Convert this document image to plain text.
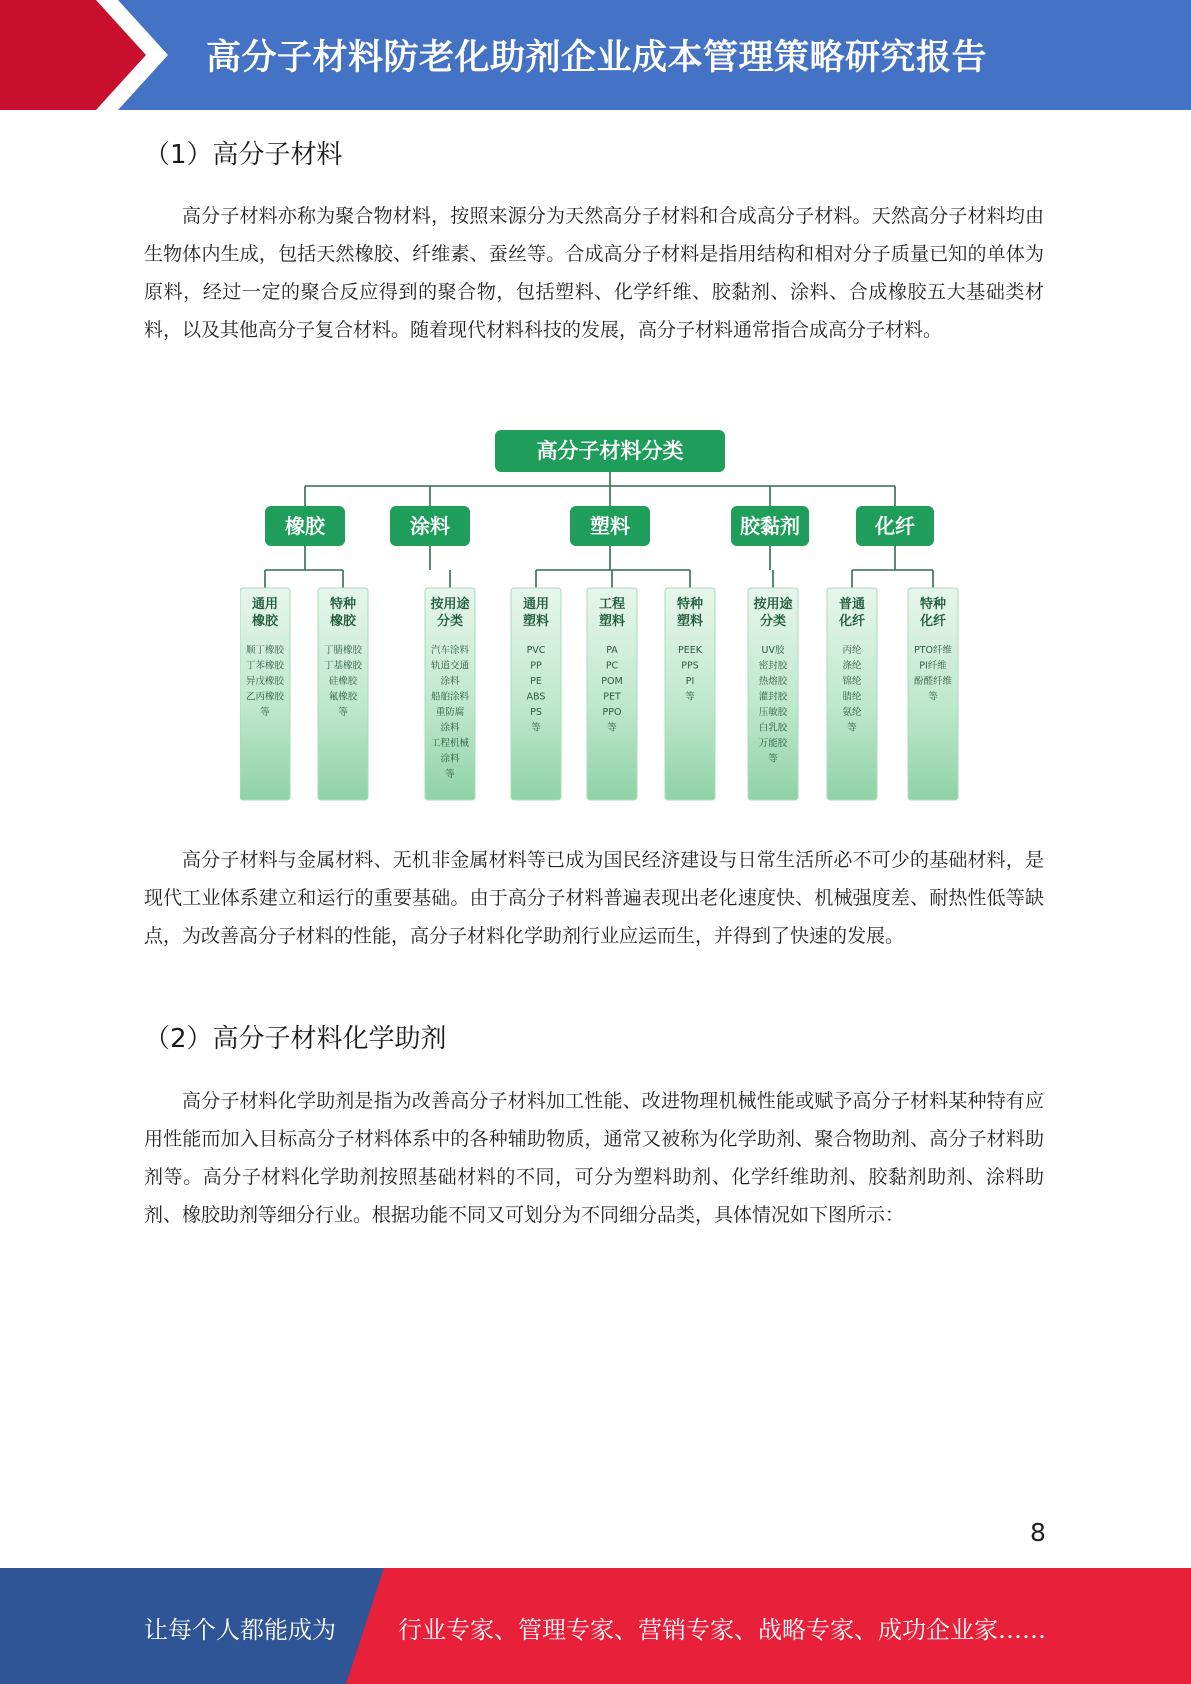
高分子材料防老化助剂企业成本管理策略研究报告
（1）高分子材料
高分子材料亦称为聚合物材料，按照来源分为天然高分子材料和合成高分子材料。天然高分子材料均由生物体内生成，包括天然橡胶、纤维素、蚕丝等。合成高分子材料是指用结构和相对分子质量已知的单体为原料，经过一定的聚合反应得到的聚合物，包括塑料、化学纤维、胶黏剂、涂料、合成橡胶五大基础类材料，以及其他高分子复合材料。随着现代材料科技的发展，高分子材料通常指合成高分子材料。
高分子材料分类
橡胶
通用
橡胶
顺丁橡胶
丁苯橡胶
异戊橡胶
乙丙橡胶
等
特种
橡胶
丁腈橡胶
丁基橡胶
硅橡胶
氟橡胶
等
涂料
按用途
分类
汽车涂料
轨道交通
涂料
船舶涂料
重防腐
涂料
工程机械
涂料
等
塑料
通用
塑料
PVC
PP
PE
ABS
PS
等
工程
塑料
PA
PC
POM
PET
PPO
等
特种
塑料
PEEK
PPS
PI
等
胶黏剂
按用途
分类
UV胶
密封胶
热熔胶
灌封胶
压敏胶
白乳胶
万能胶
等
化纤
普通
化纤
丙纶
涤纶
锦纶
腈纶
氨纶
等
特种
化纤
PTO纤维
PI纤维
酚醛纤维
等
高分子材料与金属材料、无机非金属材料等已成为国民经济建设与日常生活所必不可少的基础材料，是现代工业体系建立和运行的重要基础。由于高分子材料普遍表现出老化速度快、机械强度差、耐热性低等缺点，为改善高分子材料的性能，高分子材料化学助剂行业应运而生，并得到了快速的发展。
（2）高分子材料化学助剂
高分子材料化学助剂是指为改善高分子材料加工性能、改进物理机械性能或赋予高分子材料某种特有应用性能而加入目标高分子材料体系中的各种辅助物质，通常又被称为化学助剂、聚合物助剂、高分子材料助剂等。高分子材料化学助剂按照基础材料的不同，可分为塑料助剂、化学纤维助剂、胶黏剂助剂、涂料助剂、橡胶助剂等细分行业。根据功能不同又可划分为不同细分品类，具体情况如下图所示：
8
让每个人都能成为	行业专家、管理专家、营销专家、战略专家、成功企业家……
